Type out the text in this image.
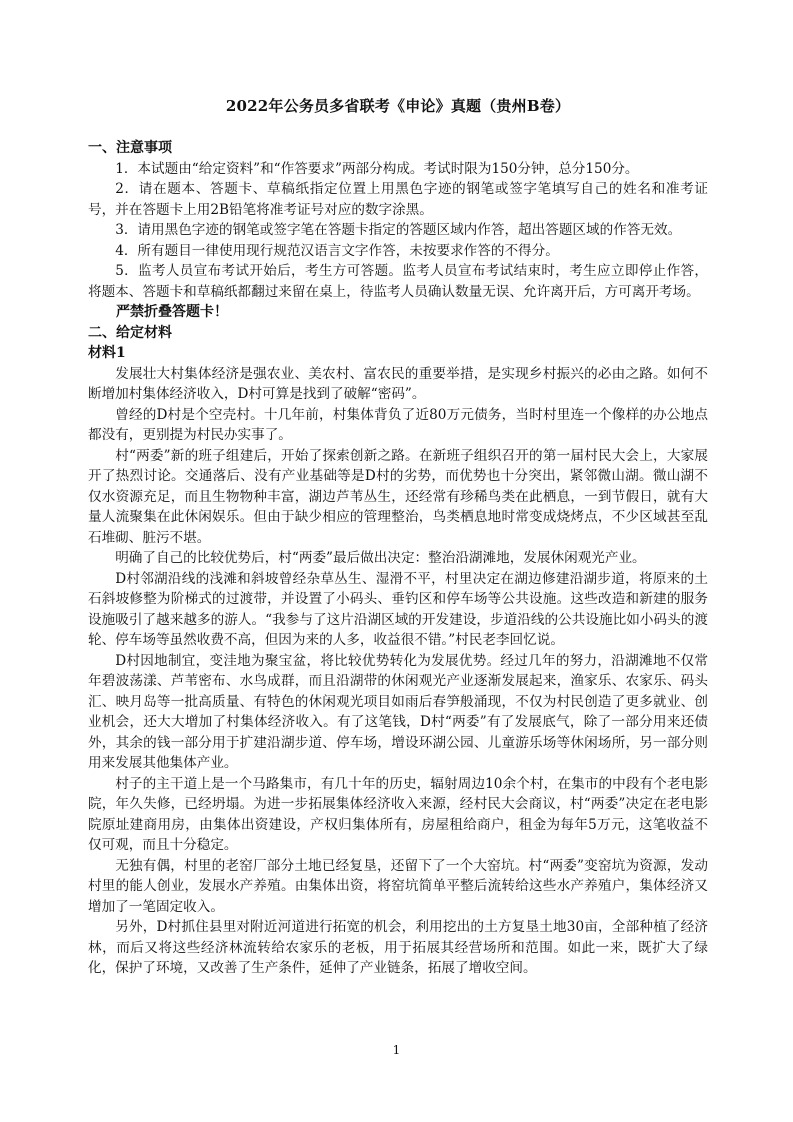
2022年公务员多省联考《申论》真题（贵州B卷）
一、注意事项

1．本试题由“给定资料”和“作答要求”两部分构成。考试时限为150分钟，总分150分。

2．请在题本、答题卡、草稿纸指定位置上用黑色字迹的钢笔或签字笔填写自己的姓名和准考证号，并在答题卡上用2B铅笔将准考证号对应的数字涂黑。

3．请用黑色字迹的钢笔或签字笔在答题卡指定的答题区域内作答，超出答题区域的作答无效。

4．所有题目一律使用现行规范汉语言文字作答，未按要求作答的不得分。

5．监考人员宣布考试开始后，考生方可答题。监考人员宣布考试结束时，考生应立即停止作答，将题本、答题卡和草稿纸都翻过来留在桌上，待监考人员确认数量无误、允许离开后，方可离开考场。

严禁折叠答题卡！
二、给定材料
材料1

发展壮大村集体经济是强农业、美农村、富农民的重要举措，是实现乡村振兴的必由之路。如何不断增加村集体经济收入，D村可算是找到了破解“密码”。

曾经的D村是个空壳村。十几年前，村集体背负了近80万元债务，当时村里连一个像样的办公地点都没有，更别提为村民办实事了。

村“两委”新的班子组建后，开始了探索创新之路。在新班子组织召开的第一届村民大会上，大家展开了热烈讨论。交通落后、没有产业基础等是D村的劣势，而优势也十分突出，紧邻微山湖。微山湖不仅水资源充足，而且生物物种丰富，湖边芦苇丛生，还经常有珍稀鸟类在此栖息，一到节假日，就有大量人流聚集在此休闲娱乐。但由于缺少相应的管理整治，鸟类栖息地时常变成烧烤点，不少区域甚至乱石堆砌、脏污不堪。

明确了自己的比较优势后，村“两委”最后做出决定：整治沿湖滩地，发展休闲观光产业。

D村邻湖沿线的浅滩和斜坡曾经杂草丛生、湿滑不平，村里决定在湖边修建沿湖步道，将原来的土石斜坡修整为阶梯式的过渡带，并设置了小码头、垂钓区和停车场等公共设施。这些改造和新建的服务设施吸引了越来越多的游人。“我参与了这片沿湖区域的开发建设，步道沿线的公共设施比如小码头的渡轮、停车场等虽然收费不高，但因为来的人多，收益很不错。”村民老李回忆说。

D村因地制宜，变洼地为聚宝盆，将比较优势转化为发展优势。经过几年的努力，沿湖滩地不仅常年碧波荡漾、芦苇密布、水鸟成群，而且沿湖带的休闲观光产业逐渐发展起来，渔家乐、农家乐、码头汇、映月岛等一批高质量、有特色的休闲观光项目如雨后春笋般涌现，不仅为村民创造了更多就业、创业机会，还大大增加了村集体经济收入。有了这笔钱，D村“两委”有了发展底气，除了一部分用来还债外，其余的钱一部分用于扩建沿湖步道、停车场，增设环湖公园、儿童游乐场等休闲场所，另一部分则用来发展其他集体产业。

村子的主干道上是一个马路集市，有几十年的历史，辐射周边10余个村，在集市的中段有个老电影院，年久失修，已经坍塌。为进一步拓展集体经济收入来源，经村民大会商议，村“两委”决定在老电影院原址建商用房，由集体出资建设，产权归集体所有，房屋租给商户，租金为每年5万元，这笔收益不仅可观，而且十分稳定。

无独有偶，村里的老窑厂部分土地已经复垦，还留下了一个大窑坑。村“两委”变窑坑为资源，发动村里的能人创业，发展水产养殖。由集体出资，将窑坑简单平整后流转给这些水产养殖户，集体经济又增加了一笔固定收入。

另外，D村抓住县里对附近河道进行拓宽的机会，利用挖出的土方复垦土地30亩，全部种植了经济林，而后又将这些经济林流转给农家乐的老板，用于拓展其经营场所和范围。如此一来，既扩大了绿化，保护了环境，又改善了生产条件，延伸了产业链条，拓展了增收空间。

1
